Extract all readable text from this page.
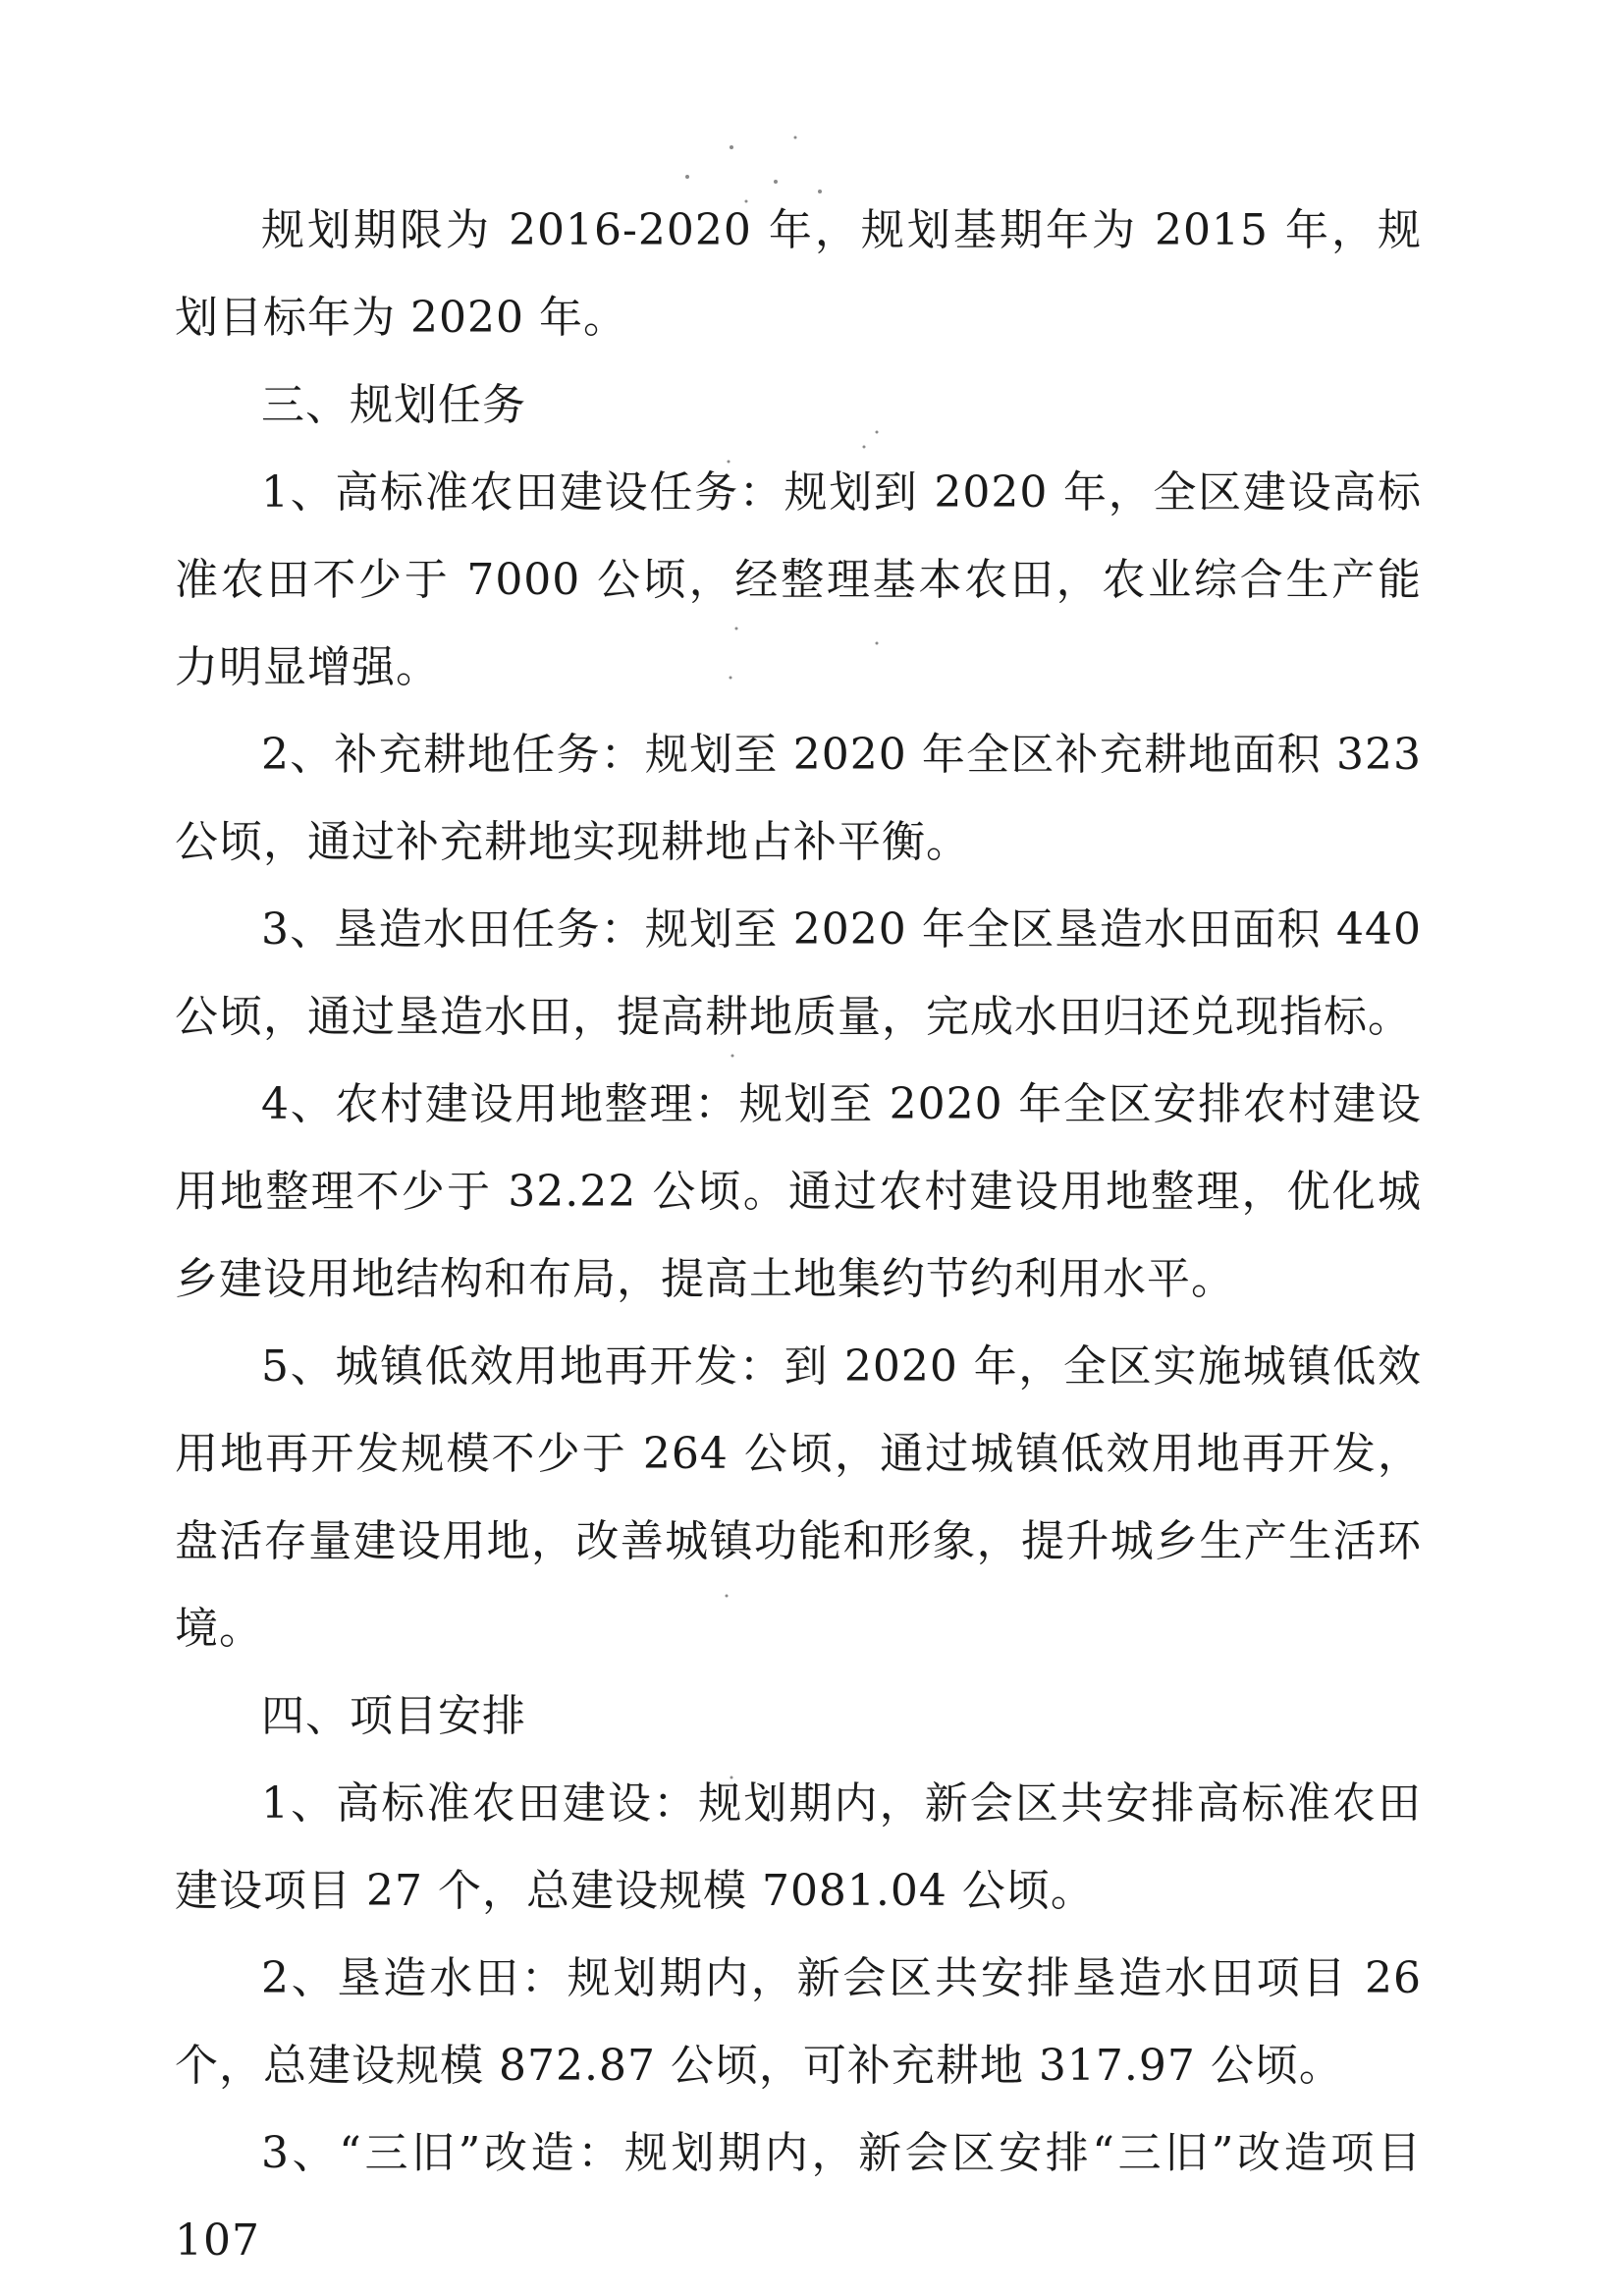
规划期限为 2016-2020 年，规划基期年为 2015 年，规划目标年为 2020 年。

三、规划任务

1、高标准农田建设任务：规划到 2020 年，全区建设高标准农田不少于 7000 公顷，经整理基本农田，农业综合生产能力明显增强。

2、补充耕地任务：规划至 2020 年全区补充耕地面积 323 公顷，通过补充耕地实现耕地占补平衡。

3、垦造水田任务：规划至 2020 年全区垦造水田面积 440 公顷，通过垦造水田，提高耕地质量，完成水田归还兑现指标。

4、农村建设用地整理：规划至 2020 年全区安排农村建设用地整理不少于 32.22 公顷。通过农村建设用地整理，优化城乡建设用地结构和布局，提高土地集约节约利用水平。

5、城镇低效用地再开发：到 2020 年，全区实施城镇低效用地再开发规模不少于 264 公顷，通过城镇低效用地再开发，盘活存量建设用地，改善城镇功能和形象，提升城乡生产生活环境。

四、项目安排

1、高标准农田建设：规划期内，新会区共安排高标准农田建设项目 27 个，总建设规模 7081.04 公顷。

2、垦造水田：规划期内，新会区共安排垦造水田项目 26 个，总建设规模 872.87 公顷，可补充耕地 317.97 公顷。

3、“三旧”改造：规划期内，新会区安排“三旧”改造项目 107
